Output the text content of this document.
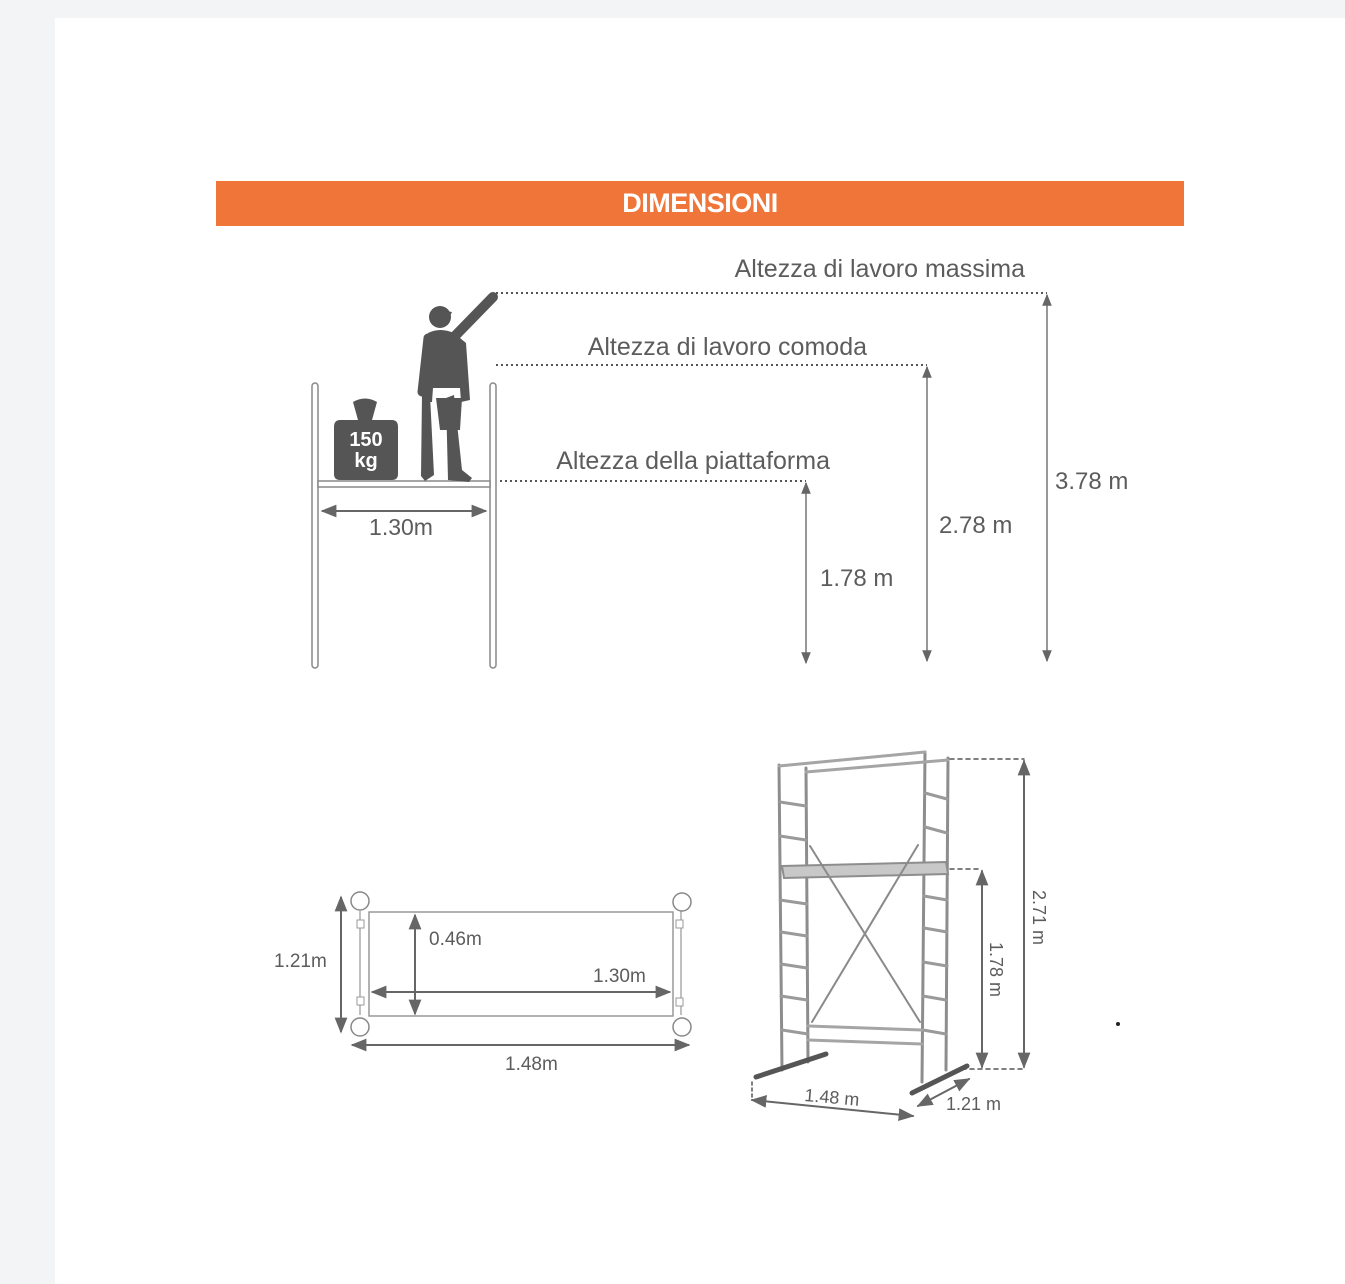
DIMENSIONI
150
kg
1.30m
Altezza di lavoro massima
3.78 m
Altezza di lavoro comoda
2.78 m
Altezza della piattaforma
1.78 m
1.21m
0.46m
1.30m
1.48m
2.71 m
1.78 m
1.48 m	1.21 m
